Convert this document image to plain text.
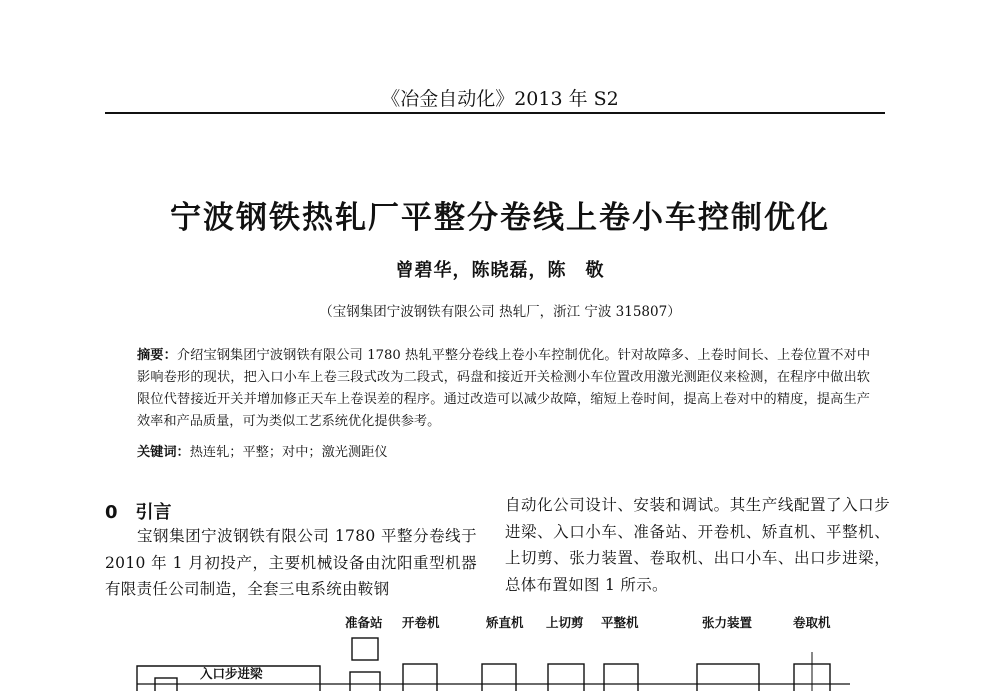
《冶金自动化》2013 年 S2
宁波钢铁热轧厂平整分卷线上卷小车控制优化
曾碧华，陈晓磊，陈　敬
（宝钢集团宁波钢铁有限公司 热轧厂，浙江 宁波 315807）
摘要：介绍宝钢集团宁波钢铁有限公司 1780 热轧平整分卷线上卷小车控制优化。针对故障多、上卷时间长、上卷位置不对中影响卷形的现状，把入口小车上卷三段式改为二段式，码盘和接近开关检测小车位置改用激光测距仪来检测，在程序中做出软限位代替接近开关并增加修正天车上卷误差的程序。通过改造可以减少故障，缩短上卷时间，提高上卷对中的精度，提高生产效率和产品质量，可为类似工艺系统优化提供参考。
关键词：热连轧；平整；对中；激光测距仪
0 引言
宝钢集团宁波钢铁有限公司 1780 平整分卷线于 2010 年 1 月初投产，主要机械设备由沈阳重型机器有限责任公司制造，全套三电系统由鞍钢
自动化公司设计、安装和调试。其生产线配置了入口步进梁、入口小车、准备站、开卷机、矫直机、平整机、上切剪、张力装置、卷取机、出口小车、出口步进梁，总体布置如图 1 所示。
准备站 开卷机	矫直机 上切剪 平整机	张力装置	卷取机
入口步进梁
